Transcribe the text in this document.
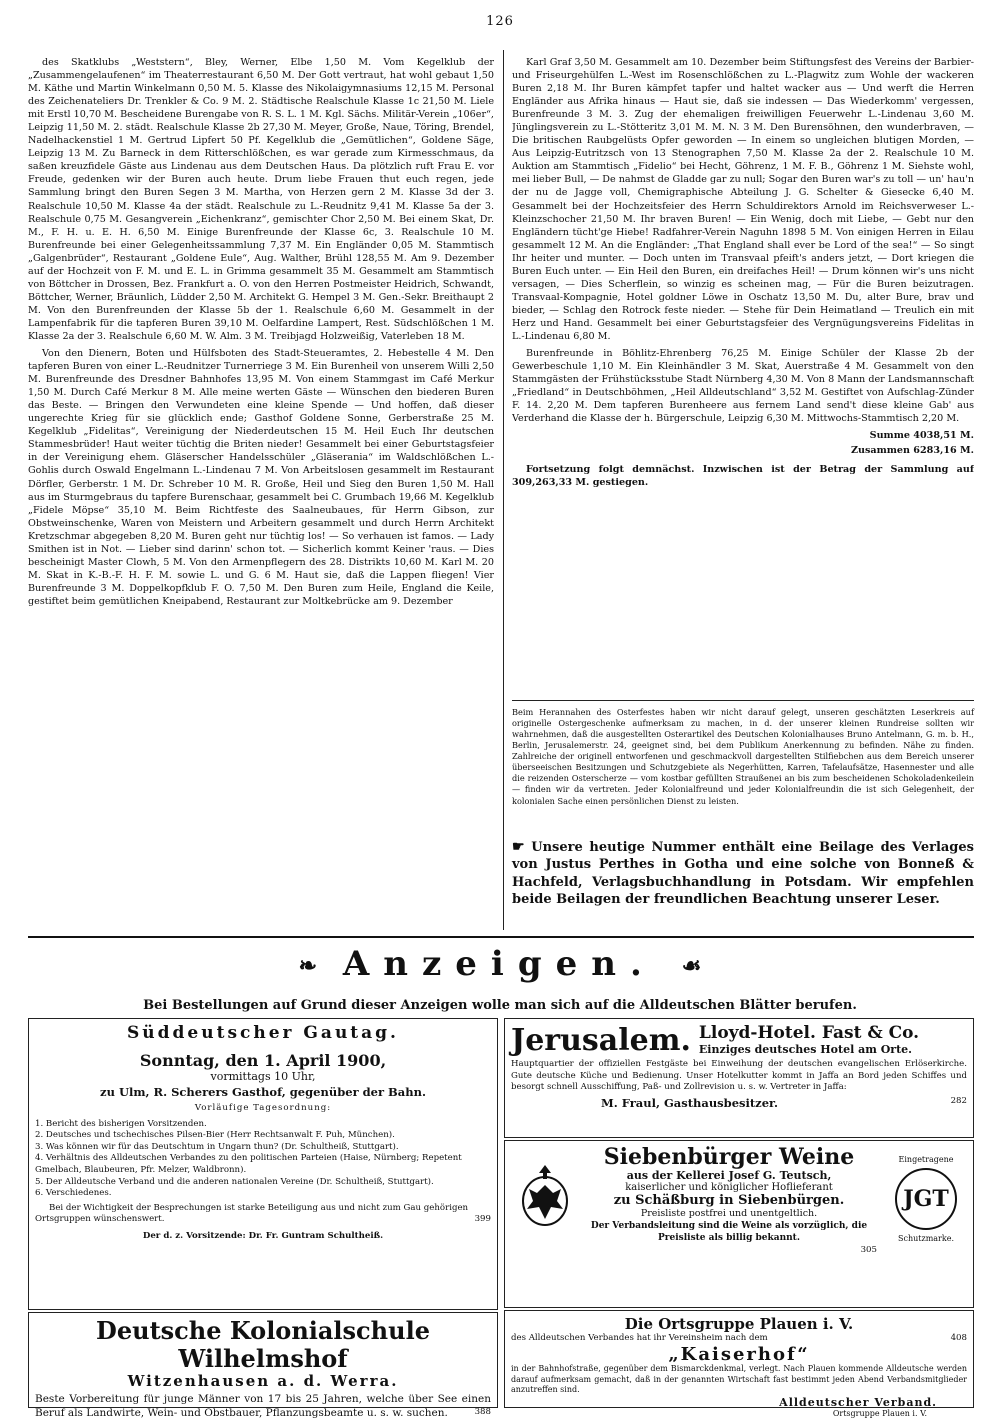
126

des Skatklubs „Weststern“, Bley, Werner, Elbe 1,50 M. Vom Kegelklub der „Zusammengelaufenen“ im Theaterrestaurant 6,50 M. Der Gott vertraut, hat wohl gebaut 1,50 M. Käthe und Martin Winkelmann 0,50 M. 5. Klasse des Nikolaigymnasiums 12,15 M. Personal des Zeichenateliers Dr. Trenkler & Co. 9 M. 2. Städtische Realschule Klasse 1c 21,50 M. Liele mit Erstl 10,70 M. Bescheidene Burengabe von R. S. L. 1 M. Kgl. Sächs. Militär-Verein „106er“, Leipzig 11,50 M. 2. städt. Realschule Klasse 2b 27,30 M. Meyer, Große, Naue, Töring, Brendel, Nadelhackenstiel 1 M. Gertrud Lipfert 50 Pf. Kegelklub die „Gemütlichen“, Goldene Säge, Leipzig 13 M. Zu Barneck in dem Ritterschlößchen, es war gerade zum Kirmesschmaus, da saßen kreuzfidele Gäste aus Lindenau aus dem Deutschen Haus. Da plötzlich ruft Frau E. vor Freude, gedenken wir der Buren auch heute. Drum liebe Frauen thut euch regen, jede Sammlung bringt den Buren Segen 3 M. Martha, von Herzen gern 2 M. Klasse 3d der 3. Realschule 10,50 M. Klasse 4a der städt. Realschule zu L.-Reudnitz 9,41 M. Klasse 5a der 3. Realschule 0,75 M. Gesangverein „Eichenkranz“, gemischter Chor 2,50 M. Bei einem Skat, Dr. M., F. H. u. E. H. 6,50 M. Einige Burenfreunde der Klasse 6c, 3. Realschule 10 M. Burenfreunde bei einer Gelegenheitssammlung 7,37 M. Ein Engländer 0,05 M. Stammtisch „Galgenbrüder“, Restaurant „Goldene Eule“, Aug. Walther, Brühl 128,55 M. Am 9. Dezember auf der Hochzeit von F. M. und E. L. in Grimma gesammelt 35 M. Gesammelt am Stammtisch von Böttcher in Drossen, Bez. Frankfurt a. O. von den Herren Postmeister Heidrich, Schwandt, Böttcher, Werner, Bräunlich, Lüdder 2,50 M. Architekt G. Hempel 3 M. Gen.-Sekr. Breithaupt 2 M. Von den Burenfreunden der Klasse 5b der 1. Realschule 6,60 M. Gesammelt in der Lampenfabrik für die tapferen Buren 39,10 M. Oelfardine Lampert, Rest. Südschlößchen 1 M. Klasse 2a der 3. Realschule 6,60 M. W. Alm. 3 M. Treibjagd Holzweißig, Vaterleben 18 M.

Von den Dienern, Boten und Hülfsboten des Stadt-Steueramtes, 2. Hebestelle 4 M. Den tapferen Buren von einer L.-Reudnitzer Turnerriege 3 M. Ein Burenheil von unserem Willi 2,50 M. Burenfreunde des Dresdner Bahnhofes 13,95 M. Von einem Stammgast im Café Merkur 1,50 M. Durch Café Merkur 8 M. Alle meine werten Gäste — Wünschen den biederen Buren das Beste. — Bringen den Verwundeten eine kleine Spende — Und hoffen, daß dieser ungerechte Krieg für sie glücklich ende; Gasthof Goldene Sonne, Gerberstraße 25 M. Kegelklub „Fidelitas“, Vereinigung der Niederdeutschen 15 M. Heil Euch Ihr deutschen Stammesbrüder! Haut weiter tüchtig die Briten nieder! Gesammelt bei einer Geburtstagsfeier in der Vereinigung ehem. Gläserscher Handelsschüler „Gläserania“ im Waldschlößchen L.-Gohlis durch Oswald Engelmann L.-Lindenau 7 M. Von Arbeitslosen gesammelt im Restaurant Dörfler, Gerberstr. 1 M. Dr. Schreber 10 M. R. Große, Heil und Sieg den Buren 1,50 M. Hall aus im Sturmgebraus du tapfere Burenschaar, gesammelt bei C. Grumbach 19,66 M. Kegelklub „Fidele Möpse“ 35,10 M. Beim Richtfeste des Saalneubaues, für Herrn Gibson, zur Obstweinschenke, Waren von Meistern und Arbeitern gesammelt und durch Herrn Architekt Kretzschmar abgegeben 8,20 M. Buren geht nur tüchtig los! — So verhauen ist famos. — Lady Smithen ist in Not. — Lieber sind darinn' schon tot. — Sicherlich kommt Keiner 'raus. — Dies bescheinigt Master Clowh, 5 M. Von den Armenpflegern des 28. Distrikts 10,60 M. Karl M. 20 M. Skat in K.-B.-F. H. F. M. sowie L. und G. 6 M. Haut sie, daß die Lappen fliegen! Vier Burenfreunde 3 M. Doppelkopfklub F. O. 7,50 M. Den Buren zum Heile, England die Keile, gestiftet beim gemütlichen Kneipabend, Restaurant zur Moltkebrücke am 9. Dezember

Karl Graf 3,50 M. Gesammelt am 10. Dezember beim Stiftungsfest des Vereins der Barbier- und Friseurgehülfen L.-West im Rosenschlößchen zu L.-Plagwitz zum Wohle der wackeren Buren 2,18 M. Ihr Buren kämpfet tapfer und haltet wacker aus — Und werft die Herren Engländer aus Afrika hinaus — Haut sie, daß sie indessen — Das Wiederkomm' vergessen, Burenfreunde 3 M. 3. Zug der ehemaligen freiwilligen Feuerwehr L.-Lindenau 3,60 M. Jünglingsverein zu L.-Stötteritz 3,01 M. M. N. 3 M. Den Burensöhnen, den wunderbraven, — Die britischen Raubgelüsts Opfer geworden — In einem so ungleichen blutigen Morden, — Aus Leipzig-Eutritzsch von 13 Stenographen 7,50 M. Klasse 2a der 2. Realschule 10 M. Auktion am Stammtisch „Fidelio“ bei Hecht, Göhrenz, 1 M. F. B., Göhrenz 1 M. Siehste wohl, mei lieber Bull, — De nahmst de Gladde gar zu null; Sogar den Buren war's zu toll — un' hau'n der nu de Jagge voll, Chemigraphische Abteilung J. G. Schelter & Giesecke 6,40 M. Gesammelt bei der Hochzeitsfeier des Herrn Schuldirektors Arnold im Reichsverweser L.-Kleinzschocher 21,50 M. Ihr braven Buren! — Ein Wenig, doch mit Liebe, — Gebt nur den Engländern tücht'ge Hiebe! Radfahrer-Verein Naguhn 1898 5 M. Von einigen Herren in Eilau gesammelt 12 M. An die Engländer: „That England shall ever be Lord of the sea!“ — So singt Ihr heiter und munter. — Doch unten im Transvaal pfeift's anders jetzt, — Dort kriegen die Buren Euch unter. — Ein Heil den Buren, ein dreifaches Heil! — Drum können wir's uns nicht versagen, — Dies Scherflein, so winzig es scheinen mag, — Für die Buren beizutragen. Transvaal-Kompagnie, Hotel goldner Löwe in Oschatz 13,50 M. Du, alter Bure, brav und bieder, — Schlag den Rotrock feste nieder. — Stehe für Dein Heimatland — Treulich ein mit Herz und Hand. Gesammelt bei einer Geburtstagsfeier des Vergnügungsvereins Fidelitas in L.-Lindenau 6,80 M.

Burenfreunde in Böhlitz-Ehrenberg 76,25 M. Einige Schüler der Klasse 2b der Gewerbeschule 1,10 M. Ein Kleinhändler 3 M. Skat, Auerstraße 4 M. Gesammelt von den Stammgästen der Frühstücksstube Stadt Nürnberg 4,30 M. Von 8 Mann der Landsmannschaft „Friedland“ in Deutschböhmen, „Heil Alldeutschland“ 3,52 M. Gestiftet von Aufschlag-Zünder F. 14. 2,20 M. Dem tapferen Burenheere aus fernem Land send't diese kleine Gab' aus Verderhand die Klasse der h. Bürgerschule, Leipzig 6,30 M. Mittwochs-Stammtisch 2,20 M.

Summe 4038,51 M.
Zusammen 6283,16 M.
Fortsetzung folgt demnächst. Inzwischen ist der Betrag der Sammlung auf 309,263,33 M. gestiegen.
Beim Herannahen des Osterfestes haben wir nicht darauf gelegt, unseren geschätzten Leserkreis auf originelle Ostergeschenke aufmerksam zu machen, in d. der unserer kleinen Rundreise sollten wir wahrnehmen, daß die ausgestellten Osterartikel des Deutschen Kolonialhauses Bruno Antelmann, G. m. b. H., Berlin, Jerusalemerstr. 24, geeignet sind, bei dem Publikum Anerkennung zu befinden. Nähe zu finden. Zahlreiche der originell entworfenen und geschmackvoll dargestellten Stilfiebchen aus dem Bereich unserer überseeischen Besitzungen und Schutzgebiete als Negerhütten, Karren, Tafelaufsätze, Hasennester und alle die reizenden Osterscherze — vom kostbar gefüllten Straußenei an bis zum bescheidenen Schokoladenkeilein — finden wir da vertreten. Jeder Kolonialfreund und jeder Kolonialfreundin die ist sich Gelegenheit, der kolonialen Sache einen persönlichen Dienst zu leisten.
☛ Unsere heutige Nummer enthält eine Beilage des Verlages von Justus Perthes in Gotha und eine solche von Bonneß & Hachfeld, Verlagsbuchhandlung in Potsdam. Wir empfehlen beide Beilagen der freundlichen Beachtung unserer Leser.
❧ Anzeigen. ☙
Bei Bestellungen auf Grund dieser Anzeigen wolle man sich auf die Alldeutschen Blätter berufen.
Süddeutscher Gautag.
Sonntag, den 1. April 1900,
vormittags 10 Uhr,
zu Ulm, R. Scherers Gasthof, gegenüber der Bahn.
Vorläufige Tagesordnung:
1. Bericht des bisherigen Vorsitzenden.
2. Deutsches und tschechisches Pilsen-Bier (Herr Rechtsanwalt F. Puh, München).
3. Was können wir für das Deutschtum in Ungarn thun? (Dr. Schultheiß, Stuttgart).
4. Verhältnis des Alldeutschen Verbandes zu den politischen Parteien (Haise, Nürnberg; Repetent Gmelbach, Blaubeuren, Pfr. Melzer, Waldbronn).
5. Der Alldeutsche Verband und die anderen nationalen Vereine (Dr. Schultheiß, Stuttgart).
6. Verschiedenes.
Bei der Wichtigkeit der Besprechungen ist starke Beteiligung aus und nicht zum Gau gehörigen Ortsgruppen wünschenswert.	399
Der d. z. Vorsitzende: Dr. Fr. Guntram Schultheiß.
Deutsche Kolonialschule Wilhelmshof
Witzenhausen a. d. Werra.
Beste Vorbereitung für junge Männer von 17 bis 25 Jahren, welche über See einen Beruf als Landwirte, Wein- und Obstbauer, Pflanzungsbeamte u. s. w. suchen.	388
Jerusalem. Lloyd-Hotel. Fast & Co.
Einziges deutsches Hotel am Orte.
Hauptquartier der offiziellen Festgäste bei Einweihung der deutschen evangelischen Erlöserkirche. Gute deutsche Küche und Bedienung. Unser Hotelkutter kommt in Jaffa an Bord jeden Schiffes und besorgt schnell Ausschiffung, Paß- und Zollrevision u. s. w. Vertreter in Jaffa:
M. Fraul, Gasthausbesitzer.	282
Siebenbürger Weine
aus der Kellerei Josef G. Teutsch,
kaiserlicher und königlicher Hoflieferant
zu Schäßburg in Siebenbürgen.
Preisliste postfrei und unentgeltlich.
Der Verbandsleitung sind die Weine als vorzüglich, die Preisliste als billig bekannt.
305
Eingetragene
JGT
Schutzmarke.
Die Ortsgruppe Plauen i. V.
des Alldeutschen Verbandes hat ihr Vereinsheim nach dem	408
„Kaiserhof“
in der Bahnhofstraße, gegenüber dem Bismarckdenkmal, verlegt. Nach Plauen kommende Alldeutsche werden darauf aufmerksam gemacht, daß in der genannten Wirtschaft fast bestimmt jeden Abend Verbandsmitglieder anzutreffen sind.
Alldeutscher Verband.
Ortsgruppe Plauen i. V.
